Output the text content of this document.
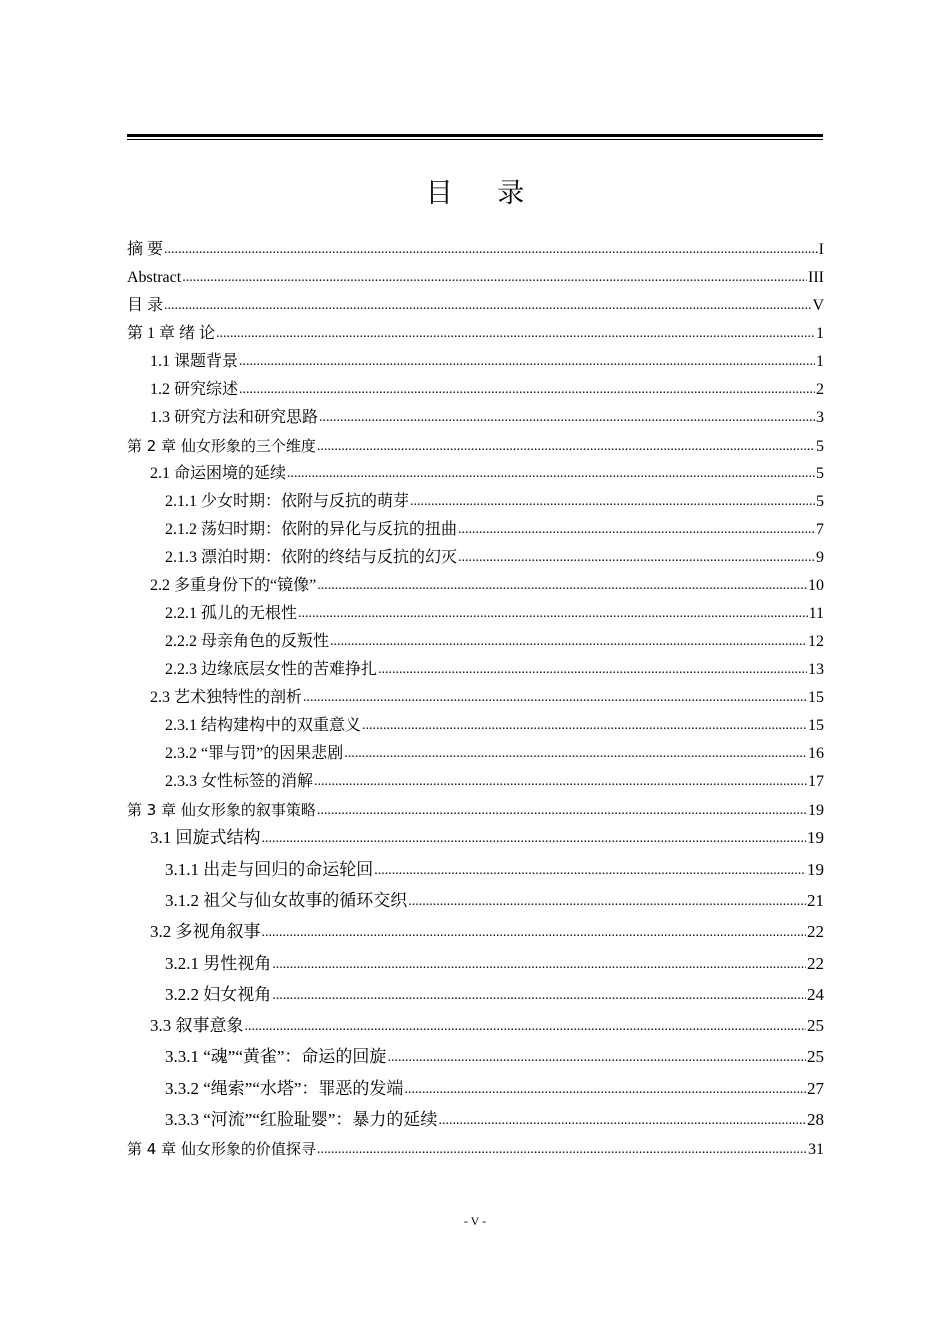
目 录
摘 要 .....	I
Abstract .....	III
目 录 .....	V
第 1 章 绪 论 .....	1
1.1 课题背景 .....	1
1.2 研究综述 .....	2
1.3 研究方法和研究思路 .....	3
第 2 章 仙女形象的三个维度 .....	5
2.1 命运困境的延续 .....	5
2.1.1 少女时期：依附与反抗的萌芽 .....	5
2.1.2 荡妇时期：依附的异化与反抗的扭曲 .....	7
2.1.3 漂泊时期：依附的终结与反抗的幻灭 .....	9
2.2 多重身份下的“镜像” .....	10
2.2.1 孤儿的无根性 .....	11
2.2.2 母亲角色的反叛性 .....	12
2.2.3 边缘底层女性的苦难挣扎 .....	13
2.3 艺术独特性的剖析 .....	15
2.3.1 结构建构中的双重意义 .....	15
2.3.2 “罪与罚”的因果悲剧 .....	16
2.3.3 女性标签的消解 .....	17
第 3 章 仙女形象的叙事策略 .....	19
3.1 回旋式结构 .....	19
3.1.1 出走与回归的命运轮回 .....	19
3.1.2 祖父与仙女故事的循环交织 .....	21
3.2 多视角叙事 .....	22
3.2.1 男性视角 .....	22
3.2.2 妇女视角 .....	24
3.3 叙事意象 .....	25
3.3.1 “魂”“黄雀”：命运的回旋 .....	25
3.3.2 “绳索”“水塔”：罪恶的发端 .....	27
3.3.3 “河流”“红脸耻婴”：暴力的延续 .....	28
第 4 章 仙女形象的价值探寻 .....	31
- V -
